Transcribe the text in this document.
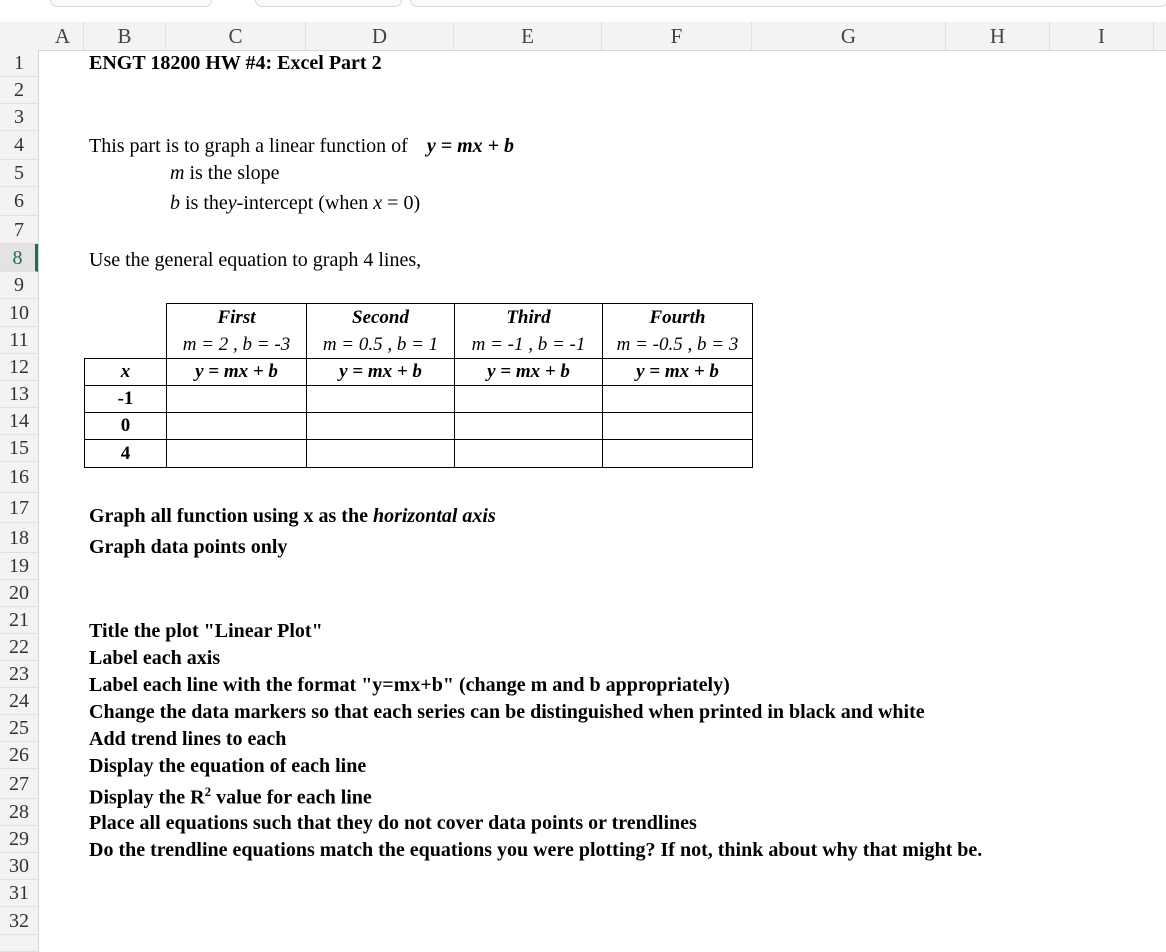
A	B	C	D	E	F	G	H	I
1
2
3
4
5
6
7
8
9
10
11
12
13
14
15
16
17
18
19
20
21
22
23
24
25
26
27
28
29
30
31
32
ENGT 18200 HW #4: Excel Part 2
This part is to graph a linear function of y = mx + b
m is the slope
b is the y-intercept (when x = 0)
Use the general equation to graph 4 lines,
	First	Second	Third	Fourth
	m = 2 , b = -3	m = 0.5 , b = 1	m = -1 , b = -1	m = -0.5 , b = 3
x	y = mx + b	y = mx + b	y = mx + b	y = mx + b
-1				
0				
4				
Graph all function using x as the horizontal axis
Graph data points only
Title the plot "Linear Plot"
Label each axis
Label each line with the format "y=mx+b" (change m and b appropriately)
Change the data markers so that each series can be distinguished when printed in black and white
Add trend lines to each
Display the equation of each line
Display the $R^2$ value for each line
Place all equations such that they do not cover data points or trendlines
Do the trendline equations match the equations you were plotting? If not, think about why that might be.
